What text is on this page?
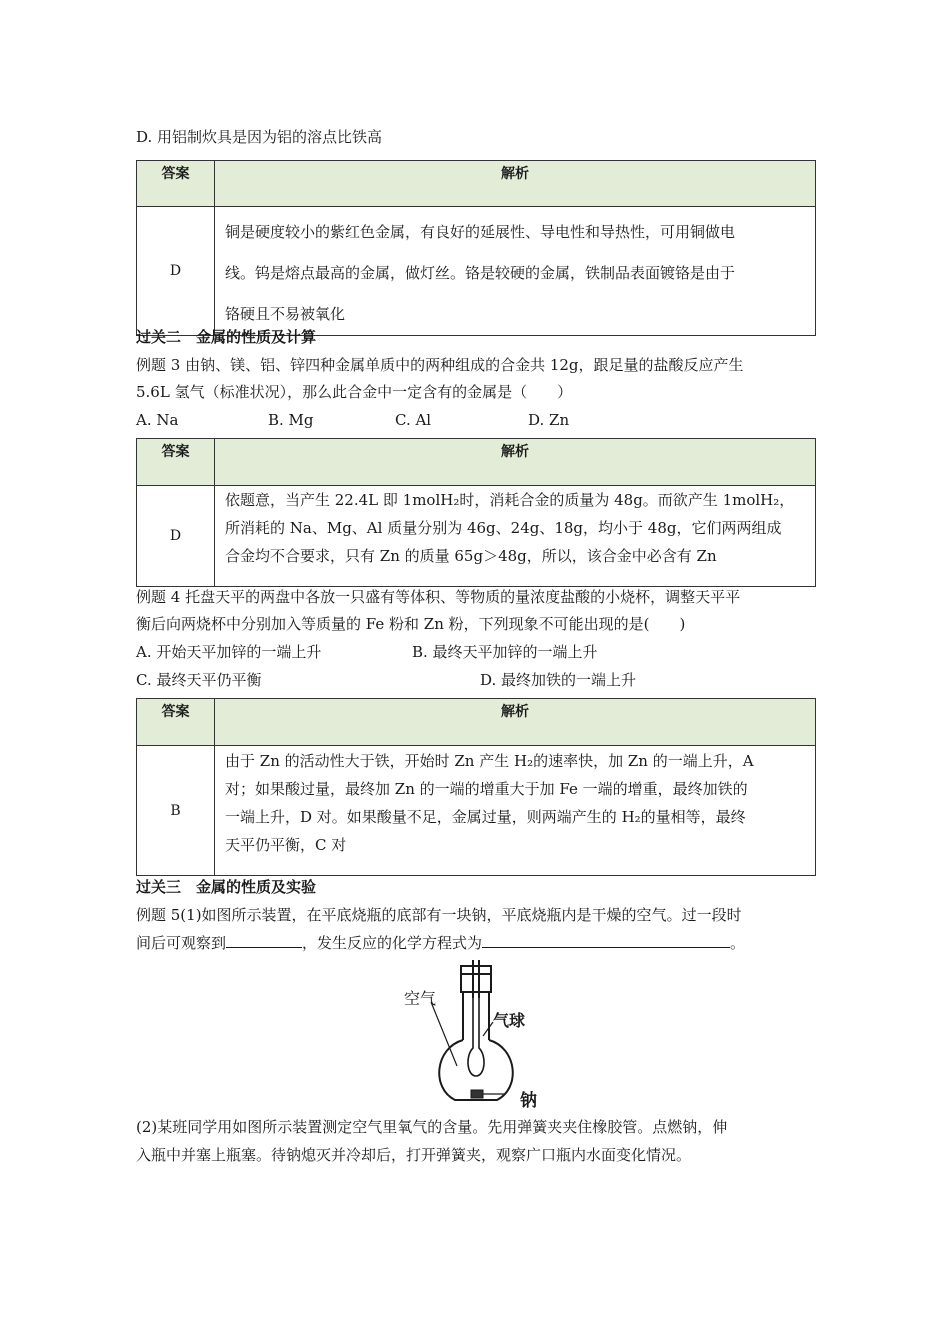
D. 用铝制炊具是因为铝的溶点比铁高
答案	解析
D	铜是硬度较小的紫红色金属，有良好的延展性、导电性和导热性，可用铜做电
线。钨是熔点最高的金属，做灯丝。铬是较硬的金属，铁制品表面镀铬是由于
铬硬且不易被氧化
过关二　金属的性质及计算
例题 3 由钠、镁、铝、锌四种金属单质中的两种组成的合金共 12g，跟足量的盐酸反应产生
5.6L 氢气（标准状况），那么此合金中一定含有的金属是（　　）
A. Na	B. Mg	C. Al	D. Zn
答案	解析
D	依题意，当产生 22.4L 即 1molH₂时，消耗合金的质量为 48g。而欲产生 1molH₂，
所消耗的 Na、Mg、Al 质量分别为 46g、24g、18g，均小于 48g，它们两两组成
合金均不合要求，只有 Zn 的质量 65g＞48g，所以，该合金中必含有 Zn
例题 4 托盘天平的两盘中各放一只盛有等体积、等物质的量浓度盐酸的小烧杯，调整天平平
衡后向两烧杯中分别加入等质量的 Fe 粉和 Zn 粉，下列现象不可能出现的是(　　)
A. 开始天平加锌的一端上升	B. 最终天平加锌的一端上升
C. 最终天平仍平衡	D. 最终加铁的一端上升
答案	解析
B	由于 Zn 的活动性大于铁，开始时 Zn 产生 H₂的速率快，加 Zn 的一端上升，A
对；如果酸过量，最终加 Zn 的一端的增重大于加 Fe 一端的增重，最终加铁的
一端上升，D 对。如果酸量不足，金属过量，则两端产生的 H₂的量相等，最终
天平仍平衡，C 对
过关三　金属的性质及实验
例题 5(1)如图所示装置，在平底烧瓶的底部有一块钠，平底烧瓶内是干燥的空气。过一段时
间后可观察到	，发生反应的化学方程式为	。
空气
气球
钠
(2)某班同学用如图所示装置测定空气里氧气的含量。先用弹簧夹夹住橡胶管。点燃钠，伸
入瓶中并塞上瓶塞。待钠熄灭并冷却后，打开弹簧夹，观察广口瓶内水面变化情况。
